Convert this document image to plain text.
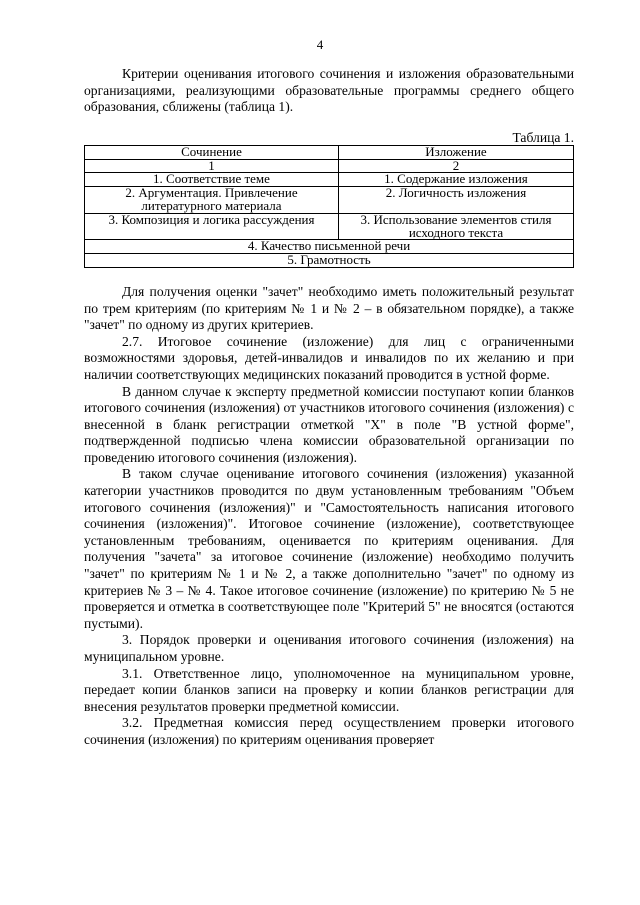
4

Критерии оценивания итогового сочинения и изложения образовательными организациями, реализующими образовательные программы среднего общего образования, сближены (таблица 1).

Таблица 1.
Сочинение	Изложение
1	2
1. Соответствие теме	1. Содержание изложения
2. Аргументация. Привлечение литературного материала	2. Логичность изложения
3. Композиция и логика рассуждения	3. Использование элементов стиля исходного текста
4. Качество письменной речи	
5. Грамотность	

Для получения оценки "зачет" необходимо иметь положительный результат по трем критериям (по критериям № 1 и № 2 – в обязательном порядке), а также "зачет" по одному из других критериев.

2.7. Итоговое сочинение (изложение) для лиц с ограниченными возможностями здоровья, детей-инвалидов и инвалидов по их желанию и при наличии соответствующих медицинских показаний проводится в устной форме.

В данном случае к эксперту предметной комиссии поступают копии бланков итогового сочинения (изложения) от участников итогового сочинения (изложения) с внесенной в бланк регистрации отметкой "Х" в поле "В устной форме", подтвержденной подписью члена комиссии образовательной организации по проведению итогового сочинения (изложения).

В таком случае оценивание итогового сочинения (изложения) указанной категории участников проводится по двум установленным требованиям "Объем итогового сочинения (изложения)" и "Самостоятельность написания итогового сочинения (изложения)". Итоговое сочинение (изложение), соответствующее установленным требованиям, оценивается по критериям оценивания. Для получения "зачета" за итоговое сочинение (изложение) необходимо получить "зачет" по критериям № 1 и № 2, а также дополнительно "зачет" по одному из критериев № 3 – № 4. Такое итоговое сочинение (изложение) по критерию № 5 не проверяется и отметка в соответствующее поле "Критерий 5" не вносятся (остаются пустыми).

3. Порядок проверки и оценивания итогового сочинения (изложения) на муниципальном уровне.

3.1. Ответственное лицо, уполномоченное на муниципальном уровне, передает копии бланков записи на проверку и копии бланков регистрации для внесения результатов проверки предметной комиссии.

3.2. Предметная комиссия перед осуществлением проверки итогового сочинения (изложения) по критериям оценивания проверяет
